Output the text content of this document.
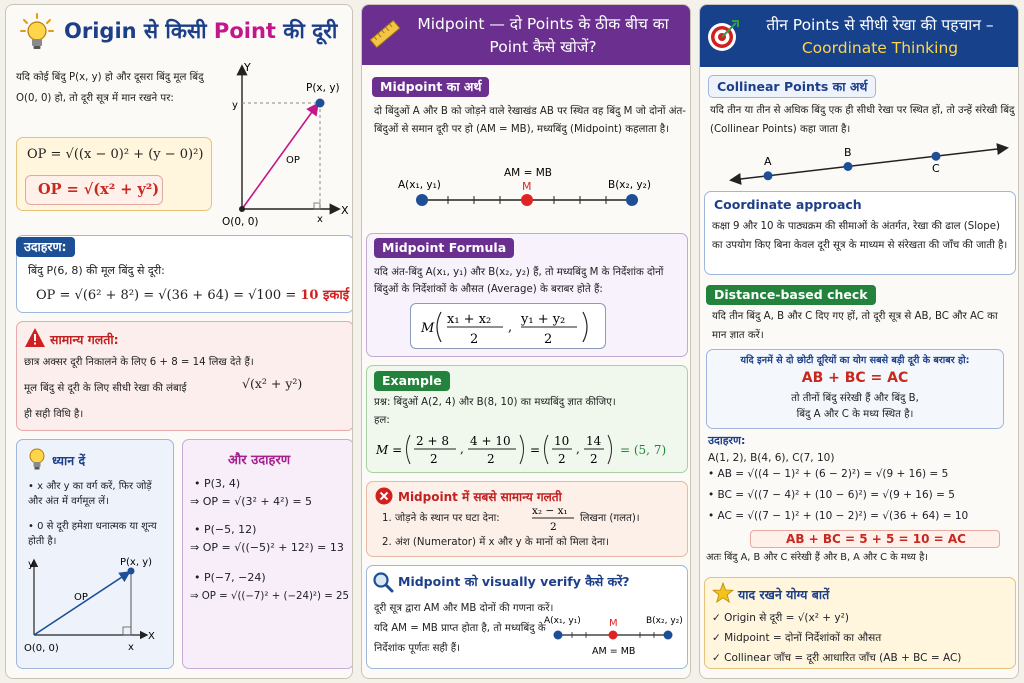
Origin से किसी Point की दूरी
यदि कोई बिंदु P(x, y) हो और दूसरा बिंदु मूल बिंदु O(0, 0) हो, तो दूरी सूत्र में मान रखने पर:
OP = √((x − 0)² + (y − 0)²)
OP = √(x² + y²)
Y
X
P(x, y)
O(0, 0)
y
x
OP
उदाहरण:
बिंदु P(6, 8) की मूल बिंदु से दूरी:
OP = √(6² + 8²) = √(36 + 64) = √100 = 10 इकाई
सामान्य गलती:
छात्र अक्सर दूरी निकालने के लिए 6 + 8 = 14 लिख देते हैं।
मूल बिंदु से दूरी के लिए सीधी रेखा की लंबाई	√(x² + y²)
ही सही विधि है।
ध्यान दें
• x और y का वर्ग करें, फिर जोड़ें और अंत में वर्गमूल लें।
• 0 से दूरी हमेशा धनात्मक या शून्य होती है।
y
X
P(x, y)
O(0, 0)	x
OP
और उदाहरण
• P(3, 4)
⇒ OP = √(3² + 4²) = 5
• P(−5, 12)
⇒ OP = √((−5)² + 12²) = 13
• P(−7, −24)
⇒ OP = √((−7)² + (−24)²) = 25
Midpoint — दो Points के ठीक बीच का Point कैसे खोजें?
Midpoint का अर्थ
दो बिंदुओं A और B को जोड़ने वाले रेखाखंड AB पर स्थित वह बिंदु M जो दोनों अंत-बिंदुओं से समान दूरी पर हो (AM = MB), मध्यबिंदु (Midpoint) कहलाता है।
AM = MB
A(x₁, y₁)	M	B(x₂, y₂)
Midpoint Formula
यदि अंत-बिंदु A(x₁, y₁) और B(x₂, y₂) हैं, तो मध्यबिंदु M के निर्देशांक दोनों बिंदुओं के निर्देशांकों के औसत (Average) के बराबर होते हैं:
M
x₁ + x₂
2
,
y₁ + y₂
2
Example
प्रश्न: बिंदुओं A(2, 4) और B(8, 10) का मध्यबिंदु ज्ञात कीजिए।
हल:
M =
2 + 8
2
,
4 + 10
2
=
10
2
,
14
2
= (5, 7)
Midpoint में सबसे सामान्य गलती
1. जोड़ने के स्थान पर घटा देना:
x₂ − x₁
2
लिखना (गलत)।
2. अंश (Numerator) में x और y के मानों को मिला देना।
Midpoint को visually verify कैसे करें?
दूरी सूत्र द्वारा AM और MB दोनों की गणना करें। यदि AM = MB प्राप्त होता है, तो मध्यबिंदु के निर्देशांक पूर्णतः सही हैं।
A(x₁, y₁)	M	B(x₂, y₂)
AM = MB
तीन Points से सीधी रेखा की पहचान –
Coordinate Thinking
Collinear Points का अर्थ
यदि तीन या तीन से अधिक बिंदु एक ही सीधी रेखा पर स्थित हों, तो उन्हें संरेखी बिंदु (Collinear Points) कहा जाता है।
A
B
C
Coordinate approach
कक्षा 9 और 10 के पाठ्यक्रम की सीमाओं के अंतर्गत, रेखा की ढाल (Slope) का उपयोग किए बिना केवल दूरी सूत्र के माध्यम से संरेखता की जाँच की जाती है।
Distance-based check
यदि तीन बिंदु A, B और C दिए गए हों, तो दूरी सूत्र से AB, BC और AC का मान ज्ञात करें।
यदि इनमें से दो छोटी दूरियों का योग सबसे बड़ी दूरी के बराबर हो:
AB + BC = AC
तो तीनों बिंदु संरेखी हैं और बिंदु B,
बिंदु A और C के मध्य स्थित है।
उदाहरण:
A(1, 2), B(4, 6), C(7, 10)
• AB = √((4 − 1)² + (6 − 2)²) = √(9 + 16) = 5
• BC = √((7 − 4)² + (10 − 6)²) = √(9 + 16) = 5
• AC = √((7 − 1)² + (10 − 2)²) = √(36 + 64) = 10
AB + BC = 5 + 5 = 10 = AC
अतः बिंदु A, B और C संरेखी हैं और B, A और C के मध्य है।
याद रखने योग्य बातें
✓ Origin से दूरी = √(x² + y²)
✓ Midpoint = दोनों निर्देशांकों का औसत
✓ Collinear जाँच = दूरी आधारित जाँच (AB + BC = AC)
